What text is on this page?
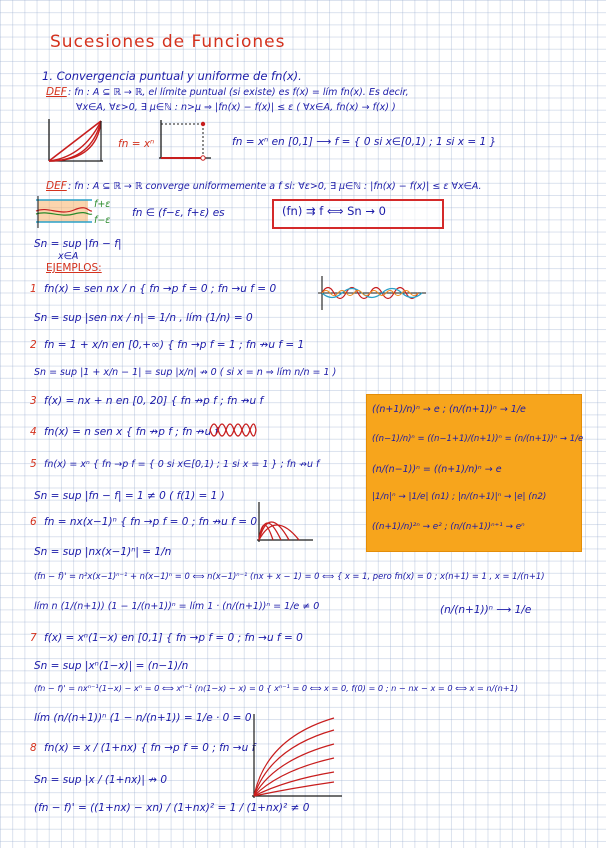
Sucesiones de Funciones
1. Convergencia puntual y uniforme de fn(x).
DEF : fn : A ⊆ ℝ → ℝ, el límite puntual (si existe) es f(x) = lím fn(x). Es decir,
∀x∈A, ∀ε>0, ∃ μ∈ℕ : n>μ ⇒ |fn(x) − f(x)| ≤ ε ( ∀x∈A, fn(x) → f(x) )
fn = xⁿ	fn = xⁿ en [0,1] ⟶ f = { 0 si x∈[0,1) ; 1 si x = 1 }
DEF : fn : A ⊆ ℝ → ℝ converge uniformemente a f si: ∀ε>0, ∃ μ∈ℕ : |fn(x) − f(x)| ≤ ε ∀x∈A.
f+ε
f−ε
fn ∈ (f−ε, f+ε) es	(fn) ⇉ f ⟺ Sn → 0
Sn = sup |fn − f|
x∈A
EJEMPLOS:
1 fn(x) = sen nx / n { fn →p f = 0 ; fn →u f = 0
Sn = sup |sen nx / n| = 1/n , lím (1/n) = 0
2 fn = 1 + x/n en [0,+∞) { fn →p f = 1 ; fn ↛u f = 1
Sn = sup |1 + x/n − 1| = sup |x/n| ↛ 0 ( si x = n ⇒ lím n/n = 1 )
3 f(x) = nx + n en [0, 20] { fn ↛p f ; fn ↛u f
4 fn(x) = n sen x { fn ↛p f ; fn ↛u f
5 fn(x) = xⁿ { fn →p f = { 0 si x∈[0,1) ; 1 si x = 1 } ; fn ↛u f
Sn = sup |fn − f| = 1 ≠ 0 ( f(1) = 1 )
6 fn = nx(x−1)ⁿ { fn →p f = 0 ; fn ↛u f = 0
Sn = sup |nx(x−1)ⁿ| = 1/n
(fn − f)' = n²x(x−1)ⁿ⁻¹ + n(x−1)ⁿ = 0 ⟺ n(x−1)ⁿ⁻¹ (nx + x − 1) = 0 ⟺ { x = 1, pero fn(x) = 0 ; x(n+1) = 1 , x = 1/(n+1)
lím n (1/(n+1)) (1 − 1/(n+1))ⁿ = lím 1 · (n/(n+1))ⁿ = 1/e ≠ 0	(n/(n+1))ⁿ ⟶ 1/e
7 f(x) = xⁿ(1−x) en [0,1] { fn →p f = 0 ; fn →u f = 0
Sn = sup |xⁿ(1−x)| = (n−1)/n
(fn − f)' = nxⁿ⁻¹(1−x) − xⁿ = 0 ⟺ xⁿ⁻¹ (n(1−x) − x) = 0 { xⁿ⁻¹ = 0 ⟺ x = 0, f(0) = 0 ; n − nx − x = 0 ⟺ x = n/(n+1)
lím (n/(n+1))ⁿ (1 − n/(n+1)) = 1/e · 0 = 0
8 fn(x) = x / (1+nx) { fn →p f = 0 ; fn →u f
Sn = sup |x / (1+nx)| ↛ 0
(fn − f)' = ((1+nx) − xn) / (1+nx)² = 1 / (1+nx)² ≠ 0
((n+1)/n)ⁿ → e ; (n/(n+1))ⁿ → 1/e
((n−1)/n)ⁿ = ((n−1+1)/(n+1))ⁿ = (n/(n+1))ⁿ → 1/e
(n/(n−1))ⁿ = ((n+1)/n)ⁿ → e
|1/n|ⁿ → |1/e| (n1) ; |n/(n+1)|ⁿ → |e| (n2)
((n+1)/n)²ⁿ → e² ; (n/(n+1))ⁿ⁺¹ → eⁿ
